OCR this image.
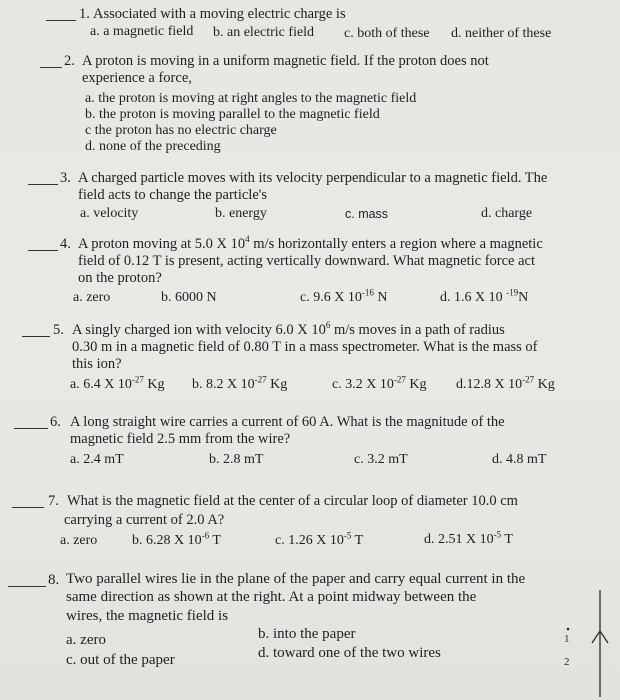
1. Associated with a moving electric charge is
a. a magnetic field b. an electric field c. both of these d. neither of these
2. A proton is moving in a uniform magnetic field. If the proton does not
experience a force,
a. the proton is moving at right angles to the magnetic field
b. the proton is moving parallel to the magnetic field
c the proton has no electric charge
d. none of the preceding
3. A charged particle moves with its velocity perpendicular to a magnetic field. The
field acts to change the particle's
a. velocity	b. energy	c. mass	d. charge
4. A proton moving at 5.0 X $10^4$ m/s horizontally enters a region where a magnetic
field of 0.12 T is present, acting vertically downward. What magnetic force act
on the proton?
a. zero	b. 6000 N	c. 9.6 X $10^{-16}$ N	d. 1.6 X 10 $^{-19}$N
5. A singly charged ion with velocity 6.0 X $10^6$ m/s moves in a path of radius
0.30 m in a magnetic field of 0.80 T in a mass spectrometer. What is the mass of
this ion?
a. 6.4 X $10^{-27}$ Kg b. 8.2 X $10^{-27}$ Kg	c. 3.2 X $10^{-27}$ Kg d.12.8 X $10^{-27}$ Kg
6. A long straight wire carries a current of 60 A. What is the magnitude of the
magnetic field 2.5 mm from the wire?
a. 2.4 mT	b. 2.8 mT	c. 3.2 mT	d. 4.8 mT
7. What is the magnetic field at the center of a circular loop of diameter 10.0 cm
carrying a current of 2.0 A?
a. zero b. 6.28 X $10^{-6}$ T	c. 1.26 X $10^{-5}$ T	d. 2.51 X $10^{-5}$ T
8. Two parallel wires lie in the plane of the paper and carry equal current in the
same direction as shown at the right. At a point midway between the
wires, the magnetic field is
a. zero	b. into the paper
c. out of the paper	d. toward one of the two wires
1
2
